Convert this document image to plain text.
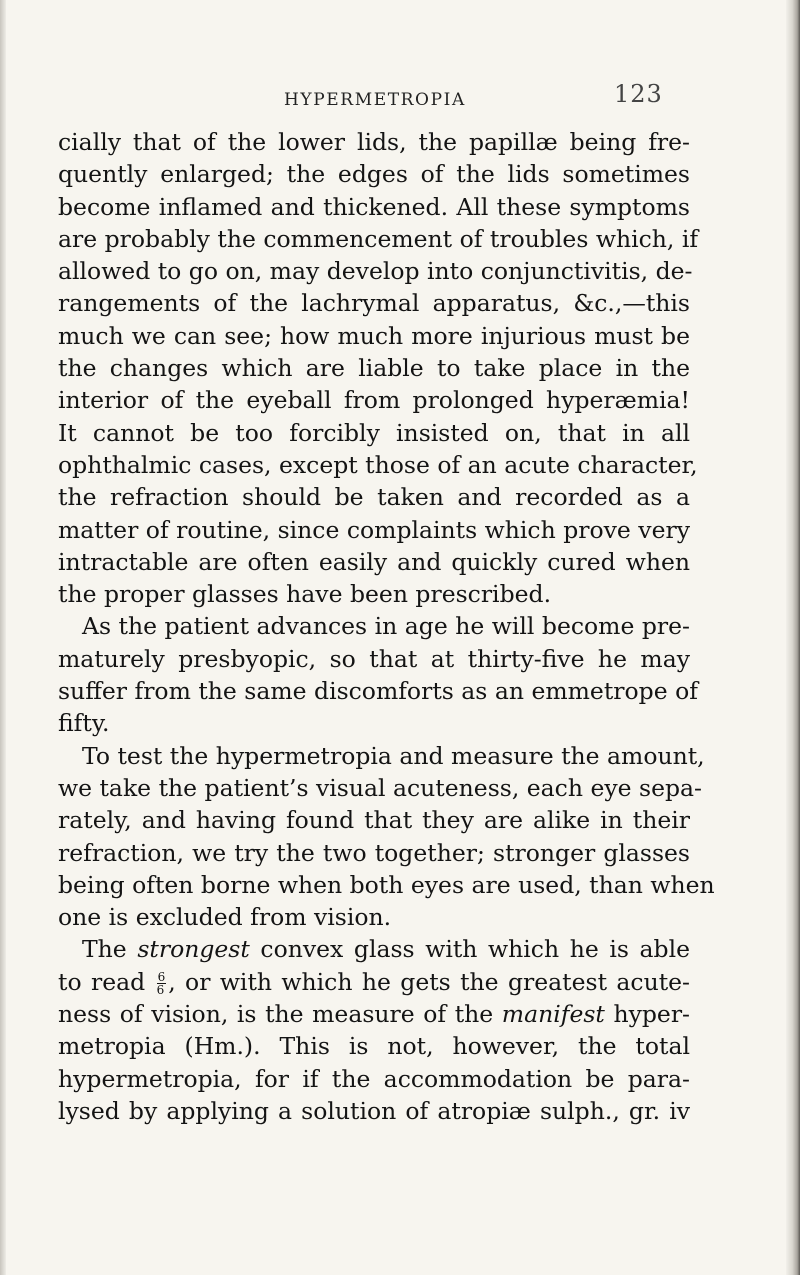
HYPERMETROPIA	123
cially that of the lower lids, the papillæ being fre-
quently enlarged; the edges of the lids sometimes
become inflamed and thickened. All these symptoms
are probably the commencement of troubles which, if
allowed to go on, may develop into conjunctivitis, de-
rangements of the lachrymal apparatus, &c.,—this
much we can see; how much more injurious must be
the changes which are liable to take place in the
interior of the eyeball from prolonged hyperæmia!
It cannot be too forcibly insisted on, that in all
ophthalmic cases, except those of an acute character,
the refraction should be taken and recorded as a
matter of routine, since complaints which prove very
intractable are often easily and quickly cured when
the proper glasses have been prescribed.
As the patient advances in age he will become pre-
maturely presbyopic, so that at thirty-five he may
suffer from the same discomforts as an emmetrope of
fifty.
To test the hypermetropia and measure the amount,
we take the patient’s visual acuteness, each eye sepa-
rately, and having found that they are alike in their
refraction, we try the two together; stronger glasses
being often borne when both eyes are used, than when
one is excluded from vision.
The strongest convex glass with which he is able
to read $\frac{6}{6}$ , or with which he gets the greatest acute-
ness of vision, is the measure of the manifest hyper-
metropia (Hm.). This is not, however, the total
hypermetropia, for if the accommodation be para-
lysed by applying a solution of atropiæ sulph., gr. iv
